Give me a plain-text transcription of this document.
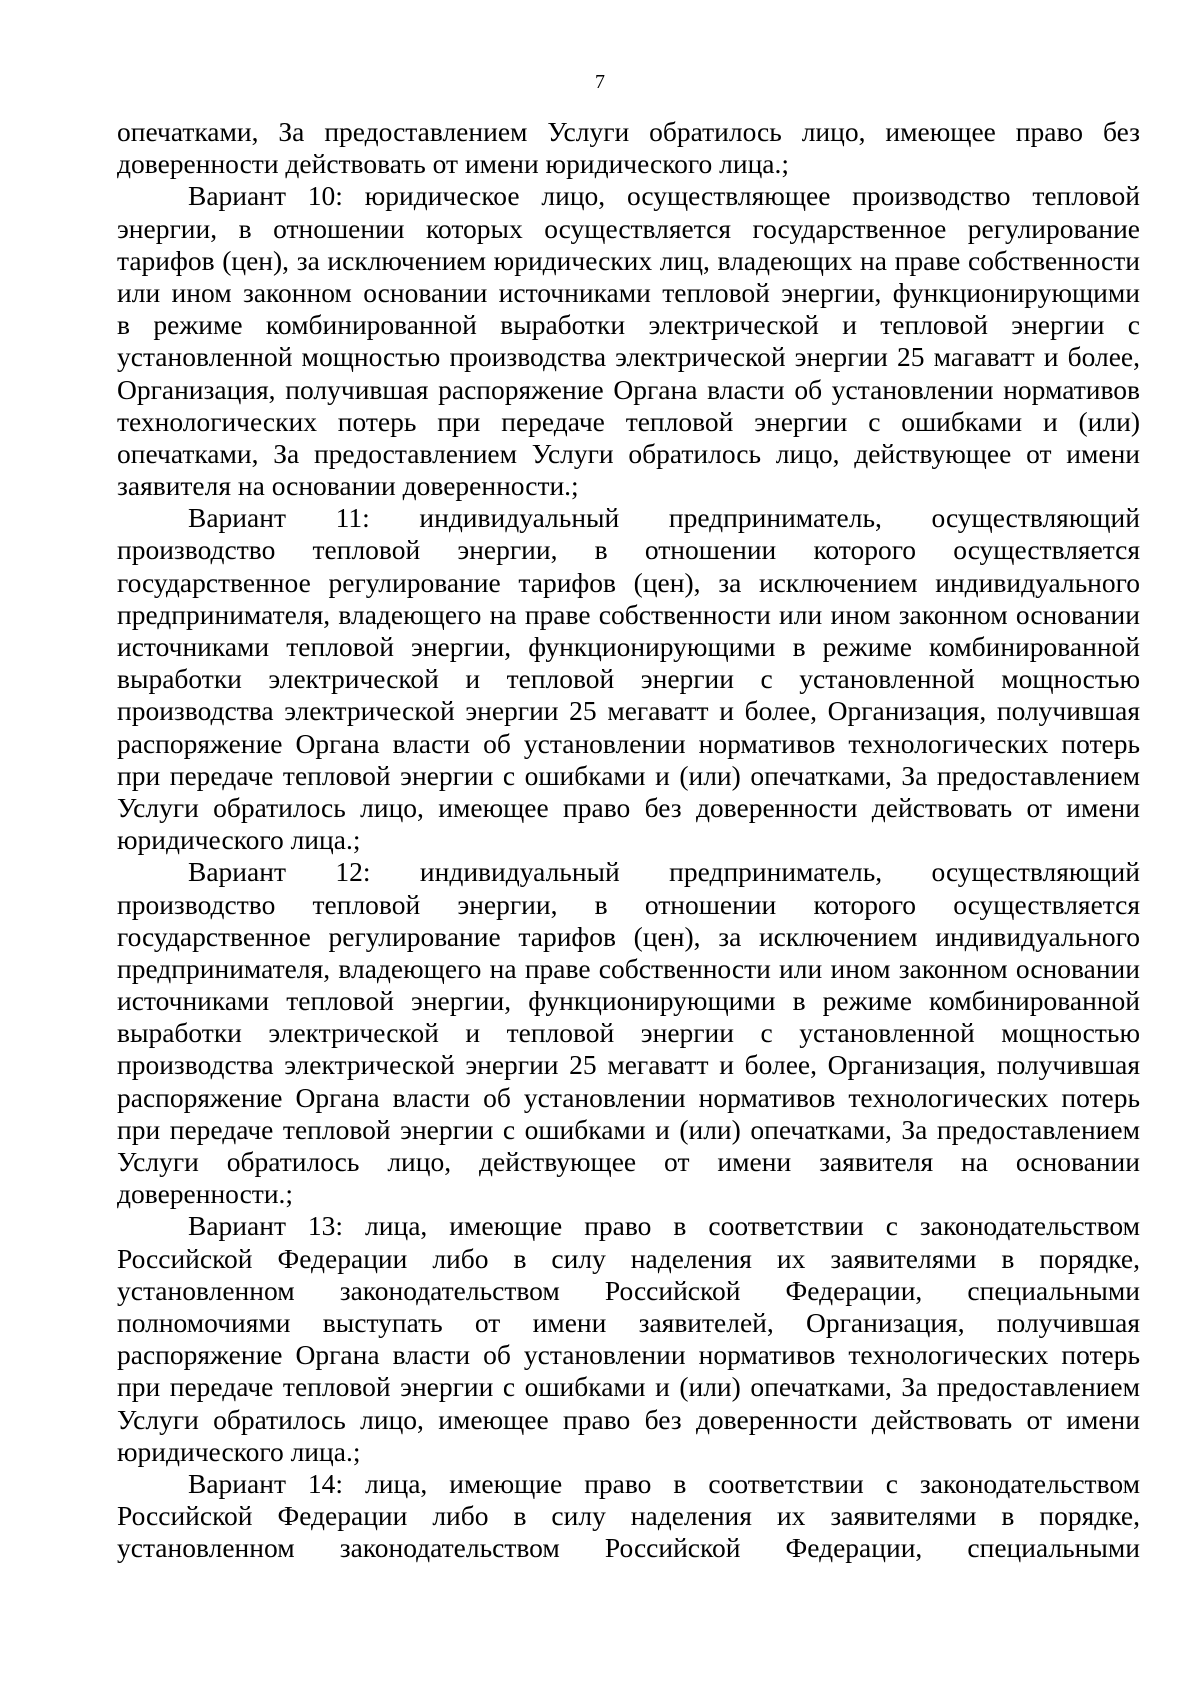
7
опечатками, За предоставлением Услуги обратилось лицо, имеющее право без
доверенности действовать от имени юридического лица.;
Вариант 10: юридическое лицо, осуществляющее производство тепловой
энергии, в отношении которых осуществляется государственное регулирование
тарифов (цен), за исключением юридических лиц, владеющих на праве собственности
или ином законном основании источниками тепловой энергии, функционирующими
в режиме комбинированной выработки электрической и тепловой энергии с
установленной мощностью производства электрической энергии 25 магаватт и более,
Организация, получившая распоряжение Органа власти об установлении нормативов
технологических потерь при передаче тепловой энергии с ошибками и (или)
опечатками, За предоставлением Услуги обратилось лицо, действующее от имени
заявителя на основании доверенности.;
Вариант 11: индивидуальный предприниматель, осуществляющий
производство тепловой энергии, в отношении которого осуществляется
государственное регулирование тарифов (цен), за исключением индивидуального
предпринимателя, владеющего на праве собственности или ином законном основании
источниками тепловой энергии, функционирующими в режиме комбинированной
выработки электрической и тепловой энергии с установленной мощностью
производства электрической энергии 25 мегаватт и более, Организация, получившая
распоряжение Органа власти об установлении нормативов технологических потерь
при передаче тепловой энергии с ошибками и (или) опечатками, За предоставлением
Услуги обратилось лицо, имеющее право без доверенности действовать от имени
юридического лица.;
Вариант 12: индивидуальный предприниматель, осуществляющий
производство тепловой энергии, в отношении которого осуществляется
государственное регулирование тарифов (цен), за исключением индивидуального
предпринимателя, владеющего на праве собственности или ином законном основании
источниками тепловой энергии, функционирующими в режиме комбинированной
выработки электрической и тепловой энергии с установленной мощностью
производства электрической энергии 25 мегаватт и более, Организация, получившая
распоряжение Органа власти об установлении нормативов технологических потерь
при передаче тепловой энергии с ошибками и (или) опечатками, За предоставлением
Услуги обратилось лицо, действующее от имени заявителя на основании
доверенности.;
Вариант 13: лица, имеющие право в соответствии с законодательством
Российской Федерации либо в силу наделения их заявителями в порядке,
установленном законодательством Российской Федерации, специальными
полномочиями выступать от имени заявителей, Организация, получившая
распоряжение Органа власти об установлении нормативов технологических потерь
при передаче тепловой энергии с ошибками и (или) опечатками, За предоставлением
Услуги обратилось лицо, имеющее право без доверенности действовать от имени
юридического лица.;
Вариант 14: лица, имеющие право в соответствии с законодательством
Российской Федерации либо в силу наделения их заявителями в порядке,
установленном законодательством Российской Федерации, специальными
